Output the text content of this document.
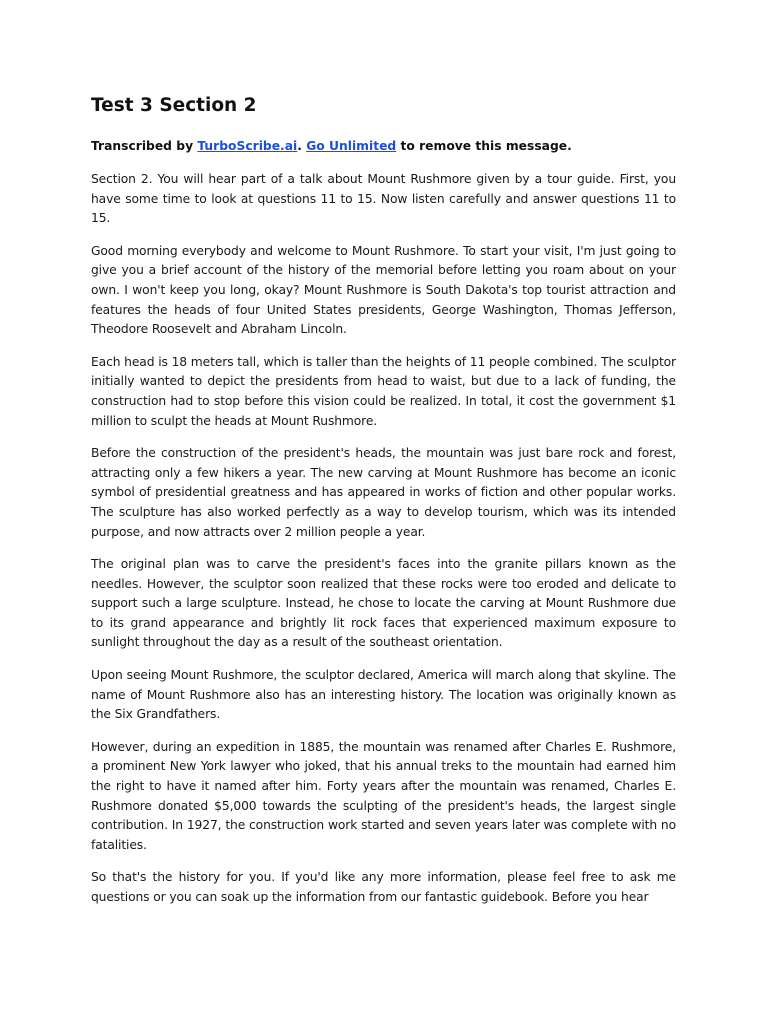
Test 3 Section 2

Transcribed by TurboScribe.ai. Go Unlimited to remove this message.

Section 2. You will hear part of a talk about Mount Rushmore given by a tour guide. First, you have some time to look at questions 11 to 15. Now listen carefully and answer questions 11 to 15.

Good morning everybody and welcome to Mount Rushmore. To start your visit, I'm just going to give you a brief account of the history of the memorial before letting you roam about on your own. I won't keep you long, okay? Mount Rushmore is South Dakota's top tourist attraction and features the heads of four United States presidents, George Washington, Thomas Jefferson, Theodore Roosevelt and Abraham Lincoln.

Each head is 18 meters tall, which is taller than the heights of 11 people combined. The sculptor initially wanted to depict the presidents from head to waist, but due to a lack of funding, the construction had to stop before this vision could be realized. In total, it cost the government $1 million to sculpt the heads at Mount Rushmore.

Before the construction of the president's heads, the mountain was just bare rock and forest, attracting only a few hikers a year. The new carving at Mount Rushmore has become an iconic symbol of presidential greatness and has appeared in works of fiction and other popular works. The sculpture has also worked perfectly as a way to develop tourism, which was its intended purpose, and now attracts over 2 million people a year.

The original plan was to carve the president's faces into the granite pillars known as the needles. However, the sculptor soon realized that these rocks were too eroded and delicate to support such a large sculpture. Instead, he chose to locate the carving at Mount Rushmore due to its grand appearance and brightly lit rock faces that experienced maximum exposure to sunlight throughout the day as a result of the southeast orientation.

Upon seeing Mount Rushmore, the sculptor declared, America will march along that skyline. The name of Mount Rushmore also has an interesting history. The location was originally known as the Six Grandfathers.

However, during an expedition in 1885, the mountain was renamed after Charles E. Rushmore, a prominent New York lawyer who joked, that his annual treks to the mountain had earned him the right to have it named after him. Forty years after the mountain was renamed, Charles E. Rushmore donated $5,000 towards the sculpting of the president's heads, the largest single contribution. In 1927, the construction work started and seven years later was complete with no fatalities.

So that's the history for you. If you'd like any more information, please feel free to ask me questions or you can soak up the information from our fantastic guidebook. Before you hear
